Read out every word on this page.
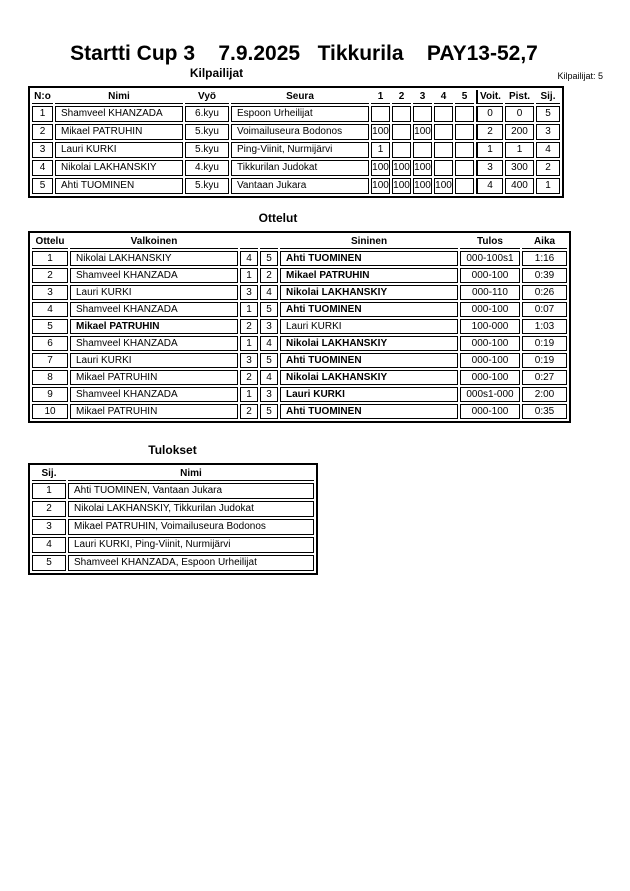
Startti Cup 3    7.9.2025   Tikkurila    PAY13-52,7
Kilpailijat	Kilpailijat: 5
N:o	Nimi	Vyö	Seura	1	2	3	4	5	Voit.	Pist.	Sij.
1	Shamveel KHANZADA	6.kyu	Espoon Urheilijat						0	0	5
2	Mikael PATRUHIN	5.kyu	Voimailuseura Bodonos	100		100			2	200	3
3	Lauri KURKI	5.kyu	Ping-Viinit, Nurmijärvi	1					1	1	4
4	Nikolai LAKHANSKIY	4.kyu	Tikkurilan Judokat	100	100	100			3	300	2
5	Ahti TUOMINEN	5.kyu	Vantaan Jukara	100	100	100	100		4	400	1
Ottelut
Ottelu	Valkoinen			Sininen	Tulos	Aika
1	Nikolai LAKHANSKIY	4	5	Ahti TUOMINEN	000-100s1	1:16
2	Shamveel KHANZADA	1	2	Mikael PATRUHIN	000-100	0:39
3	Lauri KURKI	3	4	Nikolai LAKHANSKIY	000-110	0:26
4	Shamveel KHANZADA	1	5	Ahti TUOMINEN	000-100	0:07
5	Mikael PATRUHIN	2	3	Lauri KURKI	100-000	1:03
6	Shamveel KHANZADA	1	4	Nikolai LAKHANSKIY	000-100	0:19
7	Lauri KURKI	3	5	Ahti TUOMINEN	000-100	0:19
8	Mikael PATRUHIN	2	4	Nikolai LAKHANSKIY	000-100	0:27
9	Shamveel KHANZADA	1	3	Lauri KURKI	000s1-000	2:00
10	Mikael PATRUHIN	2	5	Ahti TUOMINEN	000-100	0:35
Tulokset
Sij.	Nimi
1	Ahti TUOMINEN, Vantaan Jukara
2	Nikolai LAKHANSKIY, Tikkurilan Judokat
3	Mikael PATRUHIN, Voimailuseura Bodonos
4	Lauri KURKI, Ping-Viinit, Nurmijärvi
5	Shamveel KHANZADA, Espoon Urheilijat
